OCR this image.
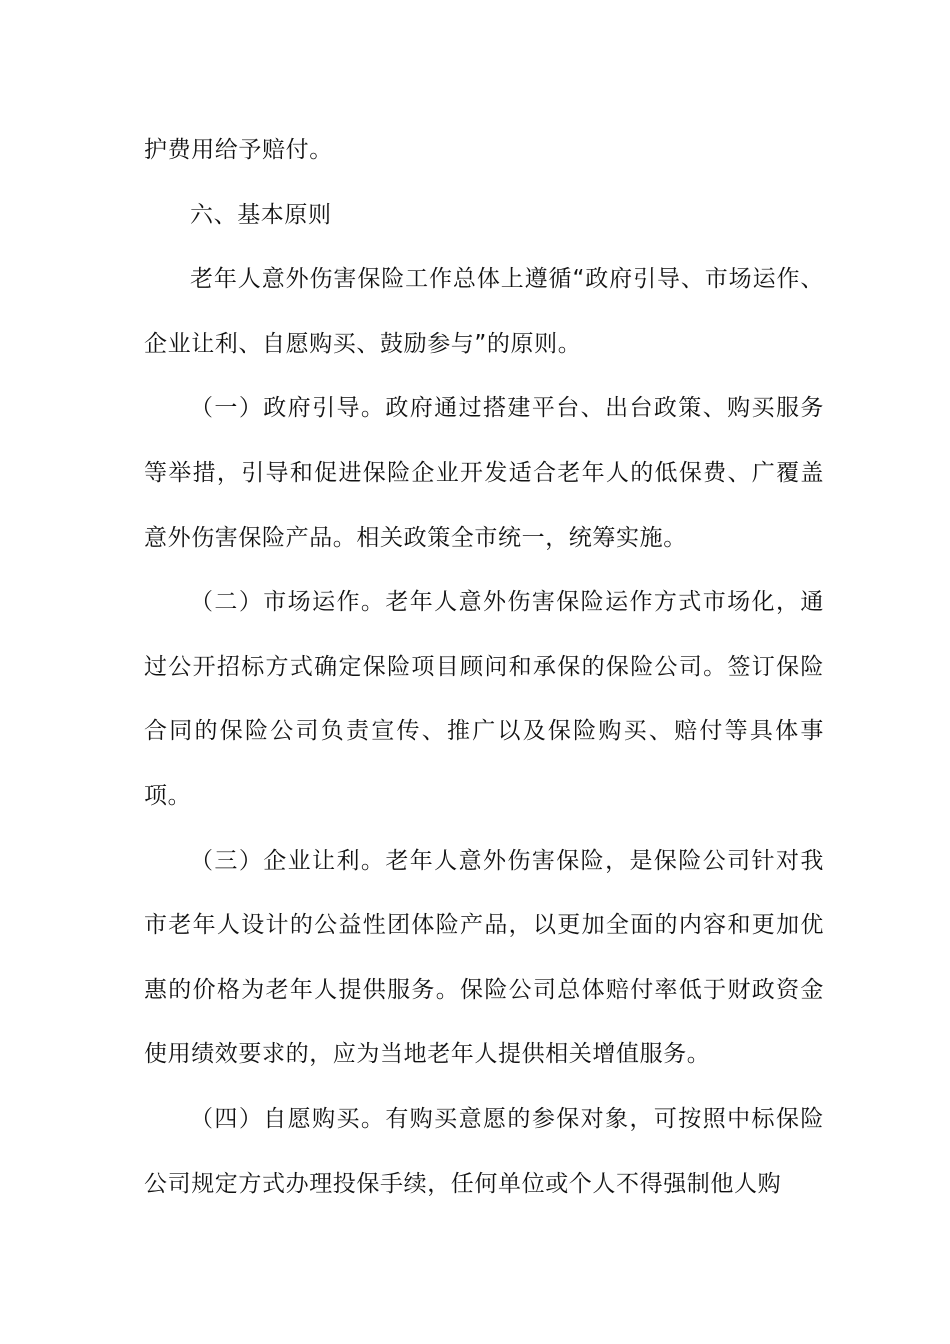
护费用给予赔付。

六、基本原则

老年人意外伤害保险工作总体上遵循“政府引导、市场运作、企业让利、自愿购买、鼓励参与”的原则。

（一）政府引导。政府通过搭建平台、出台政策、购买服务等举措，引导和促进保险企业开发适合老年人的低保费、广覆盖意外伤害保险产品。相关政策全市统一，统筹实施。

（二）市场运作。老年人意外伤害保险运作方式市场化，通过公开招标方式确定保险项目顾问和承保的保险公司。签订保险合同的保险公司负责宣传、推广以及保险购买、赔付等具体事项。

（三）企业让利。老年人意外伤害保险，是保险公司针对我市老年人设计的公益性团体险产品，以更加全面的内容和更加优惠的价格为老年人提供服务。保险公司总体赔付率低于财政资金使用绩效要求的，应为当地老年人提供相关增值服务。

（四）自愿购买。有购买意愿的参保对象，可按照中标保险公司规定方式办理投保手续，任何单位或个人不得强制他人购
